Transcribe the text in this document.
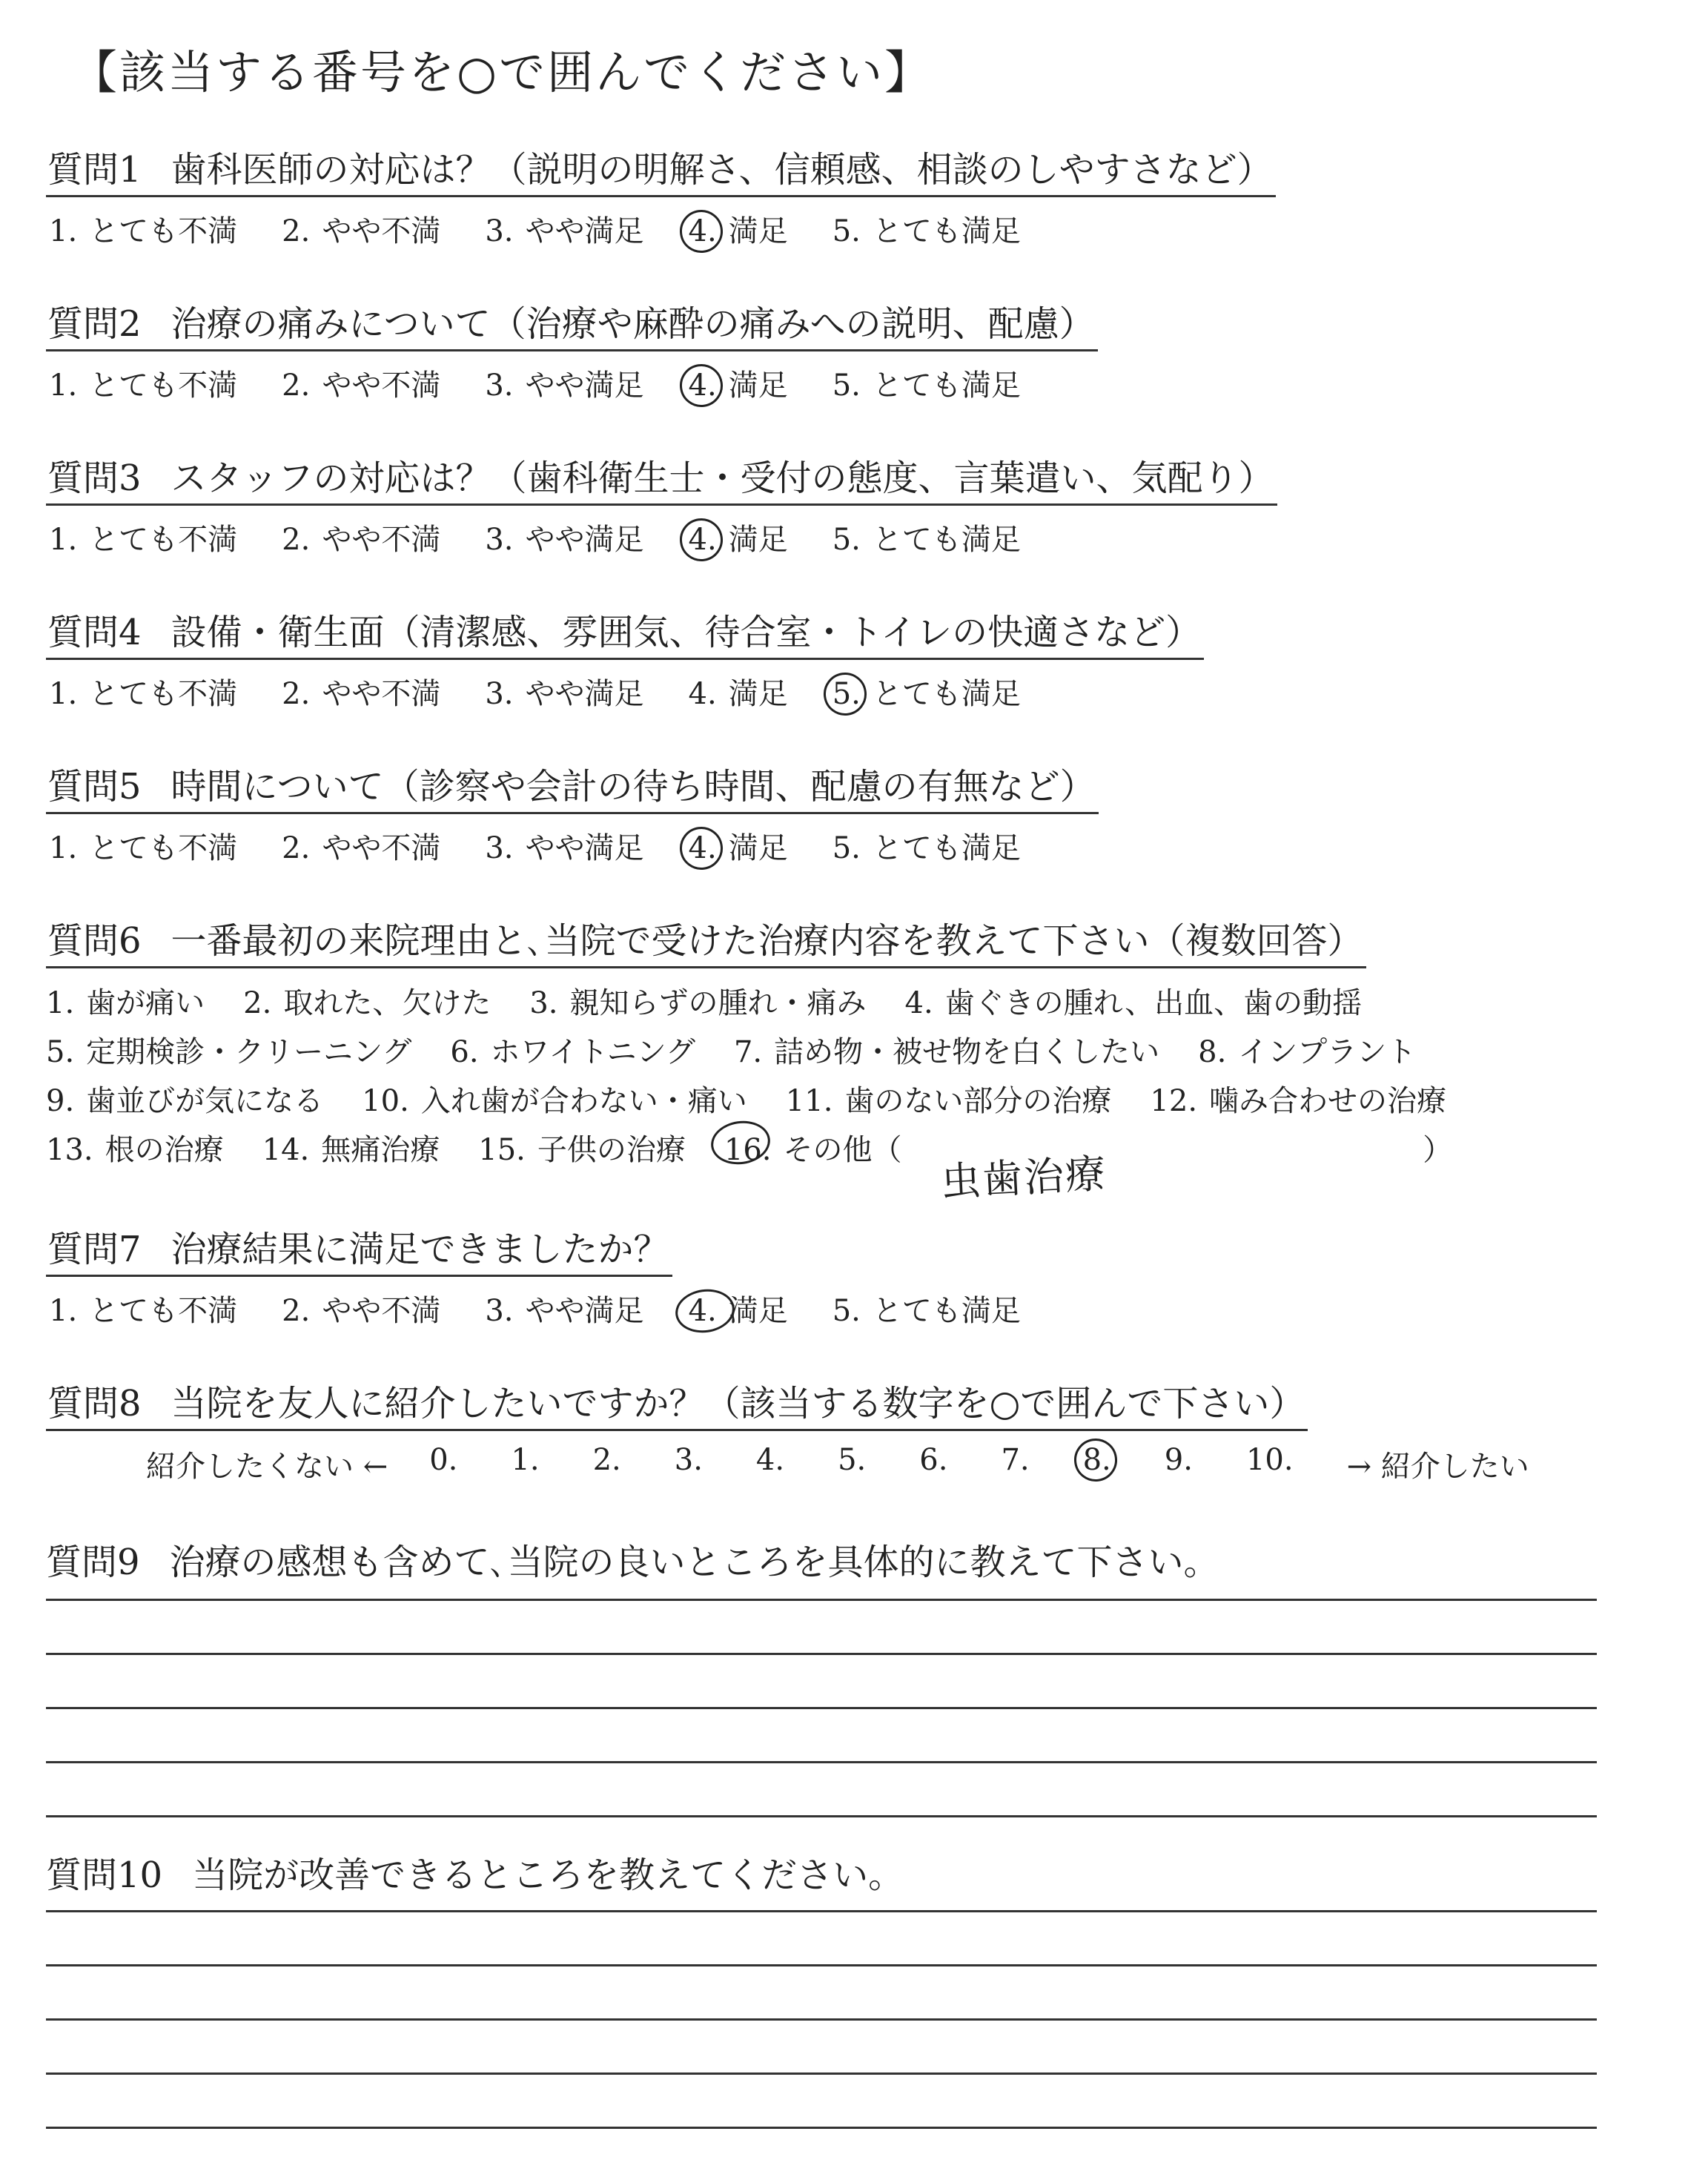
【該当する番号を○で囲んでください】
質問1 歯科医師の対応は？（説明の明解さ、信頼感、相談のしやすさなど）
1. とても不満 2. やや不満 3. やや満足 4. 満足 5. とても満足
質問2 治療の痛みについて（治療や麻酔の痛みへの説明、配慮）
1. とても不満 2. やや不満 3. やや満足 4. 満足 5. とても満足
質問3 スタッフの対応は？（歯科衛生士・受付の態度、言葉遣い、気配り）
1. とても不満 2. やや不満 3. やや満足 4. 満足 5. とても満足
質問4 設備・衛生面（清潔感、雰囲気、待合室・トイレの快適さなど）
1. とても不満 2. やや不満 3. やや満足 4. 満足 5. とても満足
質問5 時間について（診察や会計の待ち時間、配慮の有無など）
1. とても不満 2. やや不満 3. やや満足 4. 満足 5. とても満足
質問6 一番最初の来院理由と､当院で受けた治療内容を教えて下さい（複数回答）
1. 歯が痛い 2. 取れた、欠けた 3. 親知らずの腫れ・痛み 4. 歯ぐきの腫れ、出血、歯の動揺
5. 定期検診・クリーニング 6. ホワイトニング 7. 詰め物・被せ物を白くしたい 8. インプラント
9. 歯並びが気になる 10. 入れ歯が合わない・痛い 11. 歯のない部分の治療 12. 噛み合わせの治療
13. 根の治療 14. 無痛治療 15. 子供の治療 16. その他（
虫歯治療
）
質問7 治療結果に満足できましたか？
1. とても不満 2. やや不満 3. やや満足 4. 満足 5. とても満足
質問8 当院を友人に紹介したいですか？（該当する数字を○で囲んで下さい）
紹介したくない ← 0.	1.	2.	3.	4.	5.	6.	7.	8.	9.	10.	→ 紹介したい
質問9 治療の感想も含めて､当院の良いところを具体的に教えて下さい。
質問10 当院が改善できるところを教えてください。
